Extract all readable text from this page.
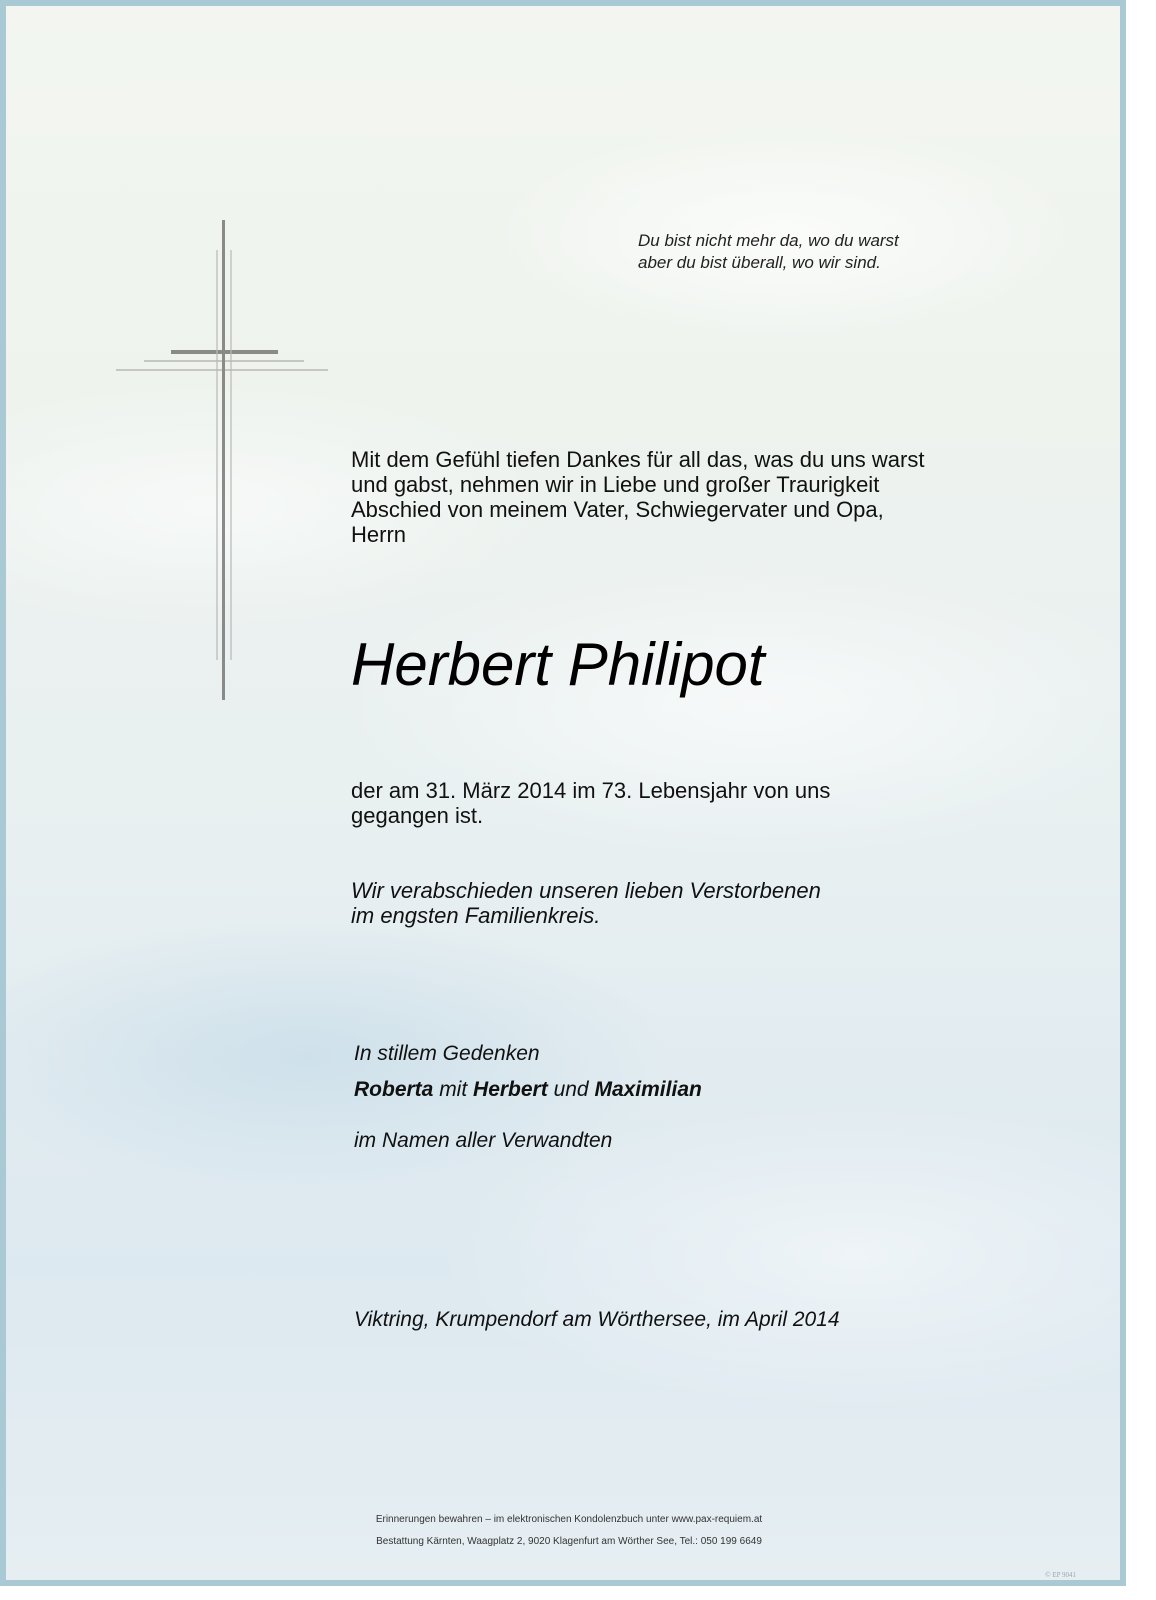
Du bist nicht mehr da, wo du warst
aber du bist überall, wo wir sind.
Mit dem Gefühl tiefen Dankes für all das, was du uns warst
und gabst, nehmen wir in Liebe und großer Traurigkeit
Abschied von meinem Vater, Schwiegervater und Opa,
Herrn
Herbert Philipot
der am 31. März 2014 im 73. Lebensjahr von uns
gegangen ist.
Wir verabschieden unseren lieben Verstorbenen
im engsten Familienkreis.
In stillem Gedenken
Roberta mit Herbert und Maximilian
im Namen aller Verwandten
Viktring, Krumpendorf am Wörthersee, im April 2014
Erinnerungen bewahren – im elektronischen Kondolenzbuch unter www.pax-requiem.at
Bestattung Kärnten, Waagplatz 2, 9020 Klagenfurt am Wörther See, Tel.: 050 199 6649
© EP 9041
